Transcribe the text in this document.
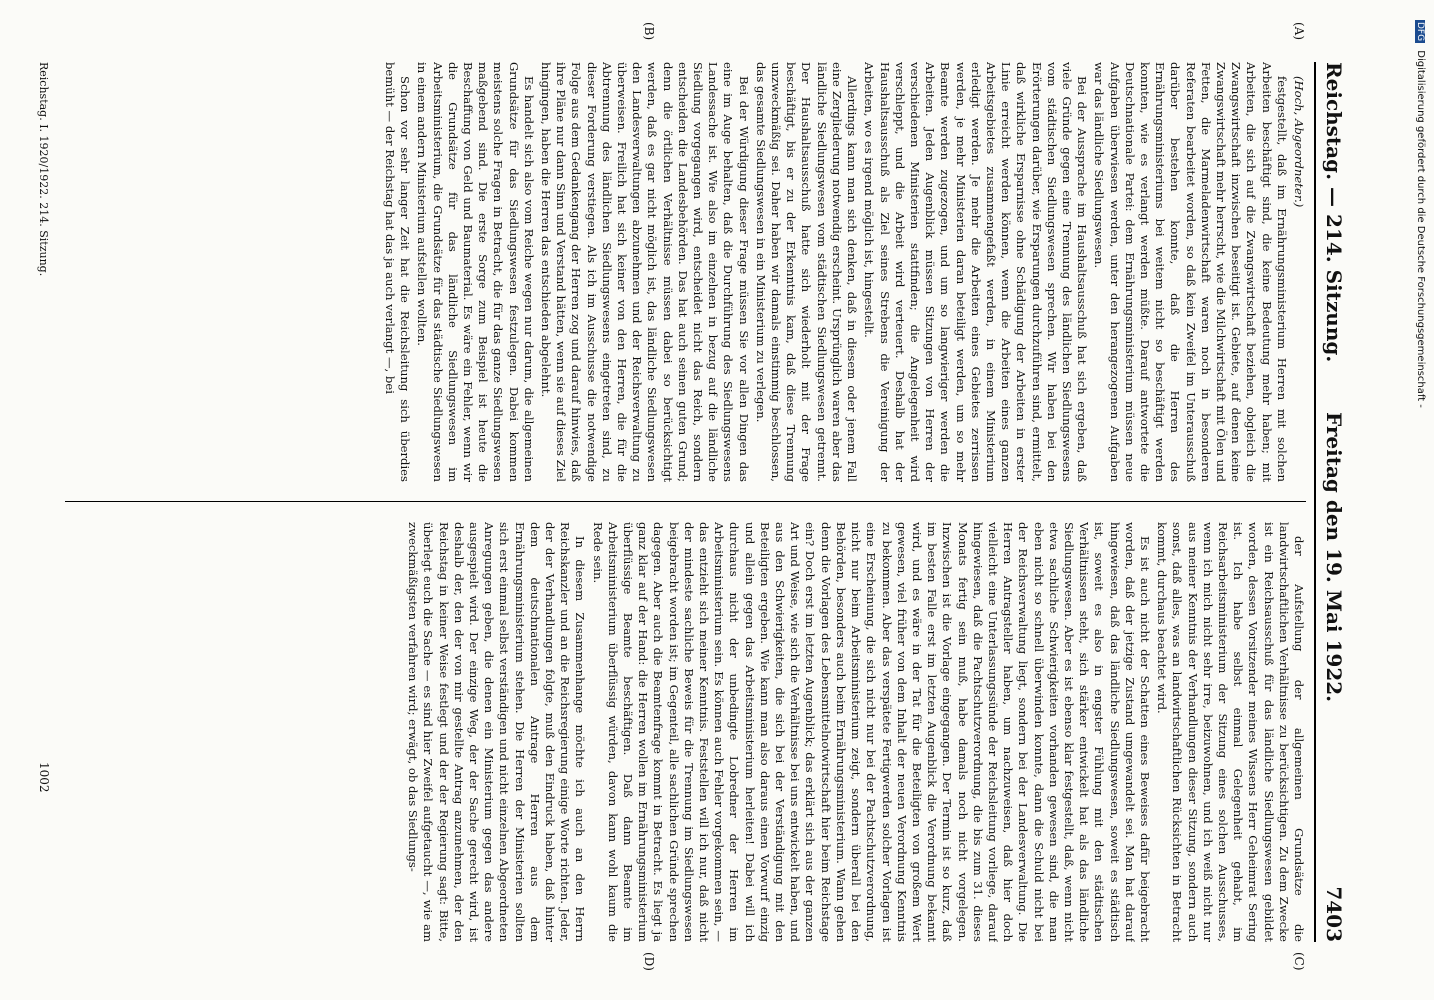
Reichstag. — 214. Sitzung.
Freitag den 19. Mai 1922.
7403

(Hoch, Abgeordneter.)

festgestellt, daß im Ernährungsministerium Herren mit solchen Arbeiten beschäftigt sind, die keine Bedeutung mehr haben; mit Arbeiten, die sich auf die Zwangswirtschaft beziehen, obgleich die Zwangswirtschaft inzwischen beseitigt ist. Gebiete, auf denen keine Zwangswirtschaft mehr herrscht, wie die Milchwirtschaft mit Ölen und Fetten, die Marmeladenwirtschaft waren noch in besonderen Referaten bearbeitet worden, so daß kein Zweifel im Unterausschuß darüber bestehen konnte, daß die Herren des Ernährungsministeriums bei weitem nicht so beschäftigt werden konnten, wie es verlangt werden müßte. Darauf antwortete die Deutschnationale Partei: dem Ernährungsministerium müssen neue Aufgaben überwiesen werden, unter den herangezogenen Aufgaben war das ländliche Siedlungswesen.

Bei der Aussprache im Haushaltsausschuß hat sich ergeben, daß viele Gründe gegen eine Trennung des ländlichen Siedlungswesens vom städtischen Siedlungswesen sprechen. Wir haben bei den Erörterungen darüber, wie Ersparungen durchzuführen sind, ermittelt, daß wirkliche Ersparnisse ohne Schädigung der Arbeiten in erster Linie erreicht werden können, wenn die Arbeiten eines ganzen Arbeitsgebietes zusammengefaßt werden, in einem Ministerium erledigt werden. Je mehr die Arbeiten eines Gebietes zerrissen werden, je mehr Ministerien daran beteiligt werden, um so mehr Beamte werden zugezogen, und um so langwieriger werden die Arbeiten. Jeden Augenblick müssen Sitzungen von Herren der verschiedenen Ministerien stattfinden; die Angelegenheit wird verschleppt, und die Arbeit wird verteuert. Deshalb hat der Haushaltsausschuß als Ziel seines Strebens die Vereinigung der Arbeiten, wo es irgend möglich ist, hingestellt.

Allerdings kann man sich denken, daß in diesem oder jenem Fall eine Zergliederung notwendig erscheint. Ursprünglich waren aber das ländliche Siedlungswesen vom städtischen Siedlungswesen getrennt. Der Haushaltsausschuß hatte sich wiederholt mit der Frage beschäftigt, bis er zu der Erkenntnis kam, daß diese Trennung unzweckmäßig sei. Daher haben wir damals einstimmig beschlossen, das gesamte Siedlungswesen in ein Ministerium zu verlegen.

Bei der Würdigung dieser Frage müssen Sie vor allen Dingen das eine im Auge behalten, daß die Durchführung des Siedlungswesens Landessache ist. Wie also im einzelnen in bezug auf die ländliche Siedlung vorgegangen wird, entscheidet nicht das Reich, sondern entscheiden die Landesbehörden. Das hat auch seinen guten Grund; denn die örtlichen Verhältnisse müssen dabei so berücksichtigt werden, daß es gar nicht möglich ist, das ländliche Siedlungswesen den Landesverwaltungen abzunehmen und der Reichsverwaltung zu überweisen. Freilich hat sich keiner von den Herren, die für die Abtrennung des ländlichen Siedlungswesens eingetreten sind, zu dieser Forderung verstiegen. Als ich im Ausschusse die notwendige Folge aus dem Gedankengang der Herren zog und darauf hinwies, daß ihre Pläne nur dann Sinn und Verstand hätten, wenn sie auf dieses Ziel hingingen, haben die Herren das entschieden abgelehnt.

Es handelt sich also vom Reiche wegen nur darum, die allgemeinen Grundsätze für das Siedlungswesen festzulegen. Dabei kommen meistens solche Fragen in Betracht, die für das ganze Siedlungswesen maßgebend sind. Die erste Sorge zum Beispiel ist heute die Beschaffung von Geld und Baumaterial. Es wäre ein Fehler, wenn wir die Grundsätze für das ländliche Siedlungswesen im Arbeitsministerium, die Grundsätze für das städtische Siedlungswesen in einem andern Ministerium aufstellen wollten.

Schon vor sehr langer Zeit hat die Reichsleitung sich überdies bemüht — der Reichstag hat das ja auch verlangt —, bei

der Aufstellung der allgemeinen Grundsätze die landwirtschaftlichen Verhältnisse zu berücksichtigen. Zu dem Zwecke ist ein Reichsausschuß für das ländliche Siedlungswesen gebildet worden, dessen Vorsitzender meines Wissens Herr Geheimrat Sering ist. Ich habe selbst einmal Gelegenheit gehabt, im Reichsarbeitsministerium der Sitzung eines solchen Ausschusses, wenn ich mich nicht sehr irre, beizuwohnen, und ich weiß nicht nur aus meiner Kenntnis der Verhandlungen dieser Sitzung, sondern auch sonst, daß alles, was an landwirtschaftlichen Rücksichten in Betracht kommt, durchaus beachtet wird.

Es ist auch nicht der Schatten eines Beweises dafür beigebracht worden, daß der jetzige Zustand umgewandelt sei. Man hat darauf hingewiesen, daß das ländliche Siedlungswesen, soweit es städtisch ist, soweit es also in engster Fühlung mit den städtischen Verhältnissen steht, sich stärker entwickelt hat als das ländliche Siedlungswesen. Aber es ist ebenso klar festgestellt, daß, wenn nicht etwa sachliche Schwierigkeiten vorhanden gewesen sind, die man eben nicht so schnell überwinden konnte, dann die Schuld nicht bei der Reichsverwaltung liegt, sondern bei der Landesverwaltung. Die Herren Antragsteller haben, um nachzuweisen, daß hier doch vielleicht eine Unterlassungssünde der Reichsleitung vorliege, darauf hingewiesen, daß die Pachtschutzverordnung, die bis zum 31. dieses Monats fertig sein muß, habe damals noch nicht vorgelegen. Inzwischen ist die Vorlage eingegangen. Der Termin ist so kurz, daß im besten Falle erst im letzten Augenblick die Verordnung bekannt wird, und es wäre in der Tat für die Beteiligten von großem Wert gewesen, viel früher von dem Inhalt der neuen Verordnung Kenntnis zu bekommen. Aber das verspätete Fertigwerden solcher Vorlagen ist eine Erscheinung, die sich nicht nur bei der Pachtschutzverordnung, nicht nur beim Arbeitsministerium zeigt, sondern überall bei den Behörden, besonders auch beim Ernährungsministerium. Wann gehen denn die Vorlagen des Lebensmittelnotwirtschaft hier beim Reichstage ein? Doch erst im letzten Augenblick; das erklärt sich aus der ganzen Art und Weise, wie sich die Verhältnisse bei uns entwickelt haben, und aus den Schwierigkeiten, die sich bei der Verständigung mit den Beteiligten ergeben. Wie kann man also daraus einen Vorwurf einzig und allein gegen das Arbeitsministerium herleiten! Dabei will ich durchaus nicht der unbedingte Lobredner der Herren im Arbeitsministerium sein. Es können auch Fehler vorgekommen sein, — das entzieht sich meiner Kenntnis. Feststellen will ich nur, daß nicht der mindeste sachliche Beweis für die Trennung im Siedlungswesen beigebracht worden ist; im Gegenteil, alle sachlichen Gründe sprechen dagegen. Aber auch die Beamtenfrage kommt in Betracht. Es liegt ja ganz klar auf der Hand: die Herren wollen im Ernährungsministerium überflüssige Beamte beschäftigen. Daß dann Beamte im Arbeitsministerium überflüssig würden, davon kann wohl kaum die Rede sein.

In diesem Zusammenhange möchte ich auch an den Herrn Reichskanzler und an die Reichsregierung einige Worte richten. Jeder, der der Verhandlungen folgte, muß den Eindruck haben, daß hinter dem deutschnationalen Antrage Herren aus dem Ernährungsministerium stehen. Die Herren der Ministerien sollten sich erst einmal selbst verständigen und nicht einzelnen Abgeordneten Anregungen geben, die denen ein Ministerium gegen das andere ausgespielt wird. Der einzige Weg, der der Sache gerecht wird, ist deshalb der, den der von mir gestellte Antrag anzunehmen, der den Reichstag in keiner Weise festlegt und der der Regierung sagt: Bitte, überlegt euch die Sache — es sind hier Zweifel aufgetaucht —, wie am zweckmäßigsten verfahren wird; erwägt, ob das Siedlungs-

(A)
(B)
(C)
(D)
Reichstag. I. 1920/1922. 214. Sitzung.
1002
DFG Digitalisierung gefördert durch die Deutsche Forschungsgemeinschaft -
